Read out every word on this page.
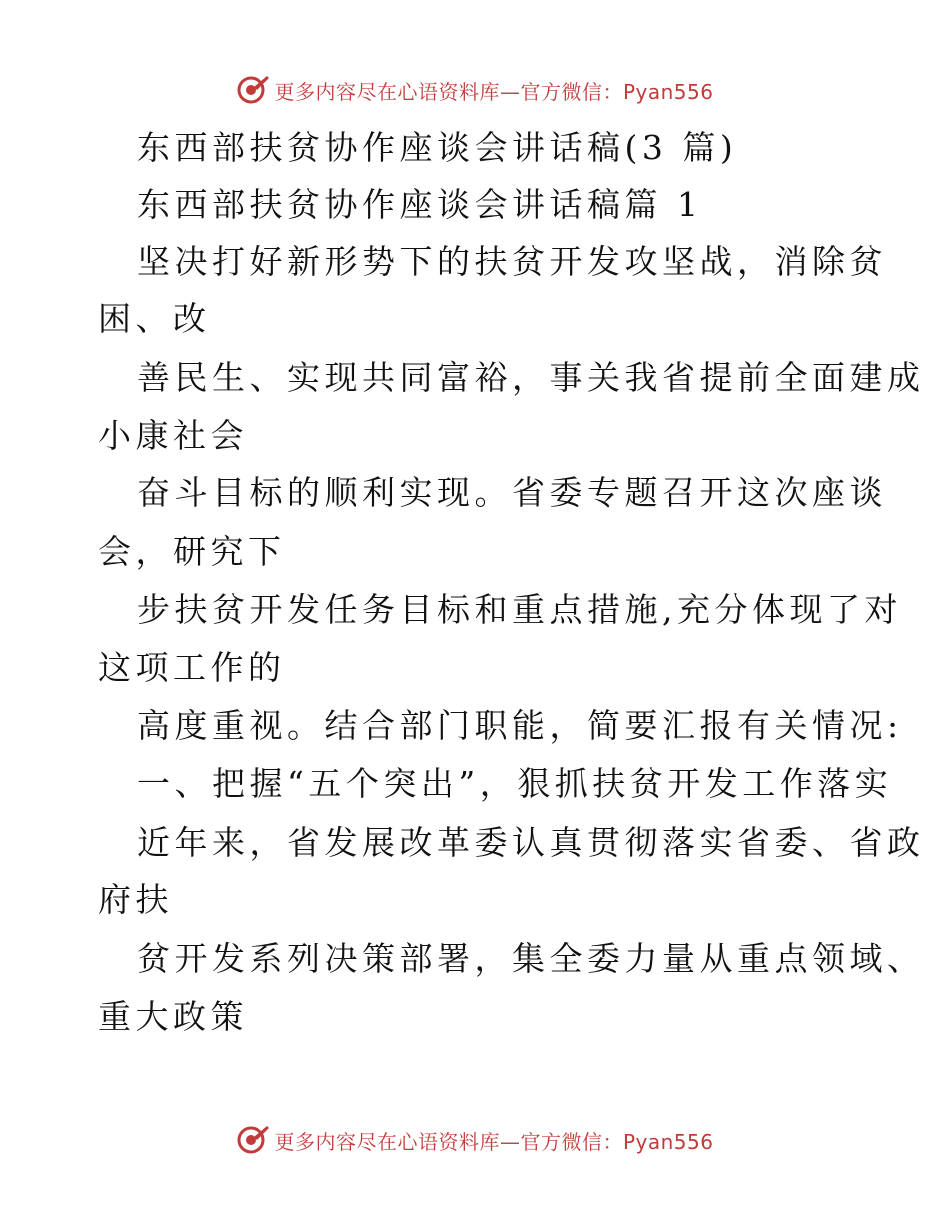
更多内容尽在心语资料库—官方微信：Pyan556
东西部扶贫协作座谈会讲话稿(3 篇)
东西部扶贫协作座谈会讲话稿篇 1
坚决打好新形势下的扶贫开发攻坚战，消除贫
困、改
善民生、实现共同富裕，事关我省提前全面建成
小康社会
奋斗目标的顺利实现。省委专题召开这次座谈
会，研究下
步扶贫开发任务目标和重点措施,充分体现了对
这项工作的
高度重视。结合部门职能，简要汇报有关情况:
一、把握“五个突出”，狠抓扶贫开发工作落实
近年来，省发展改革委认真贯彻落实省委、省政
府扶
贫开发系列决策部署，集全委力量从重点领域、
重大政策
更多内容尽在心语资料库—官方微信：Pyan556
